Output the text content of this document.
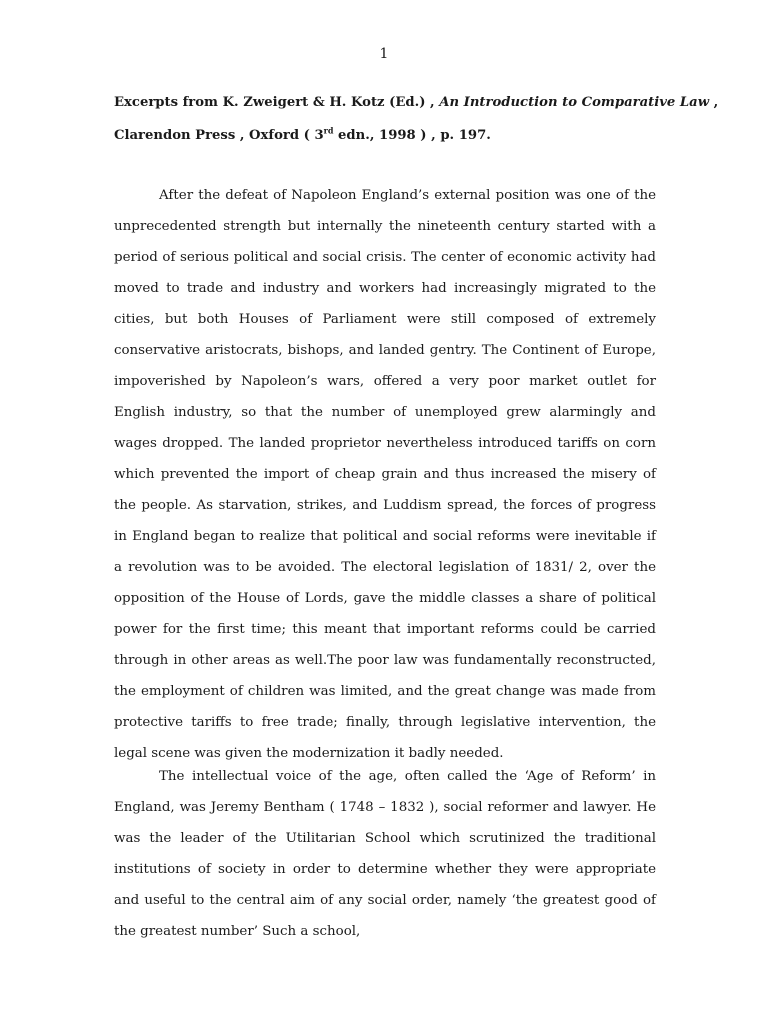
1
Excerpts from K. Zweigert & H. Kotz (Ed.) , An Introduction to Comparative Law ,
Clarendon Press , Oxford ( 3rd edn., 1998 ) , p. 197.

After the defeat of Napoleon England’s external position was one of the unprecedented strength but internally the nineteenth century started with a period of serious political and social crisis. The center of economic activity had moved to trade and industry and workers had increasingly migrated to the cities, but both Houses of Parliament were still composed of extremely conservative aristocrats, bishops, and landed gentry. The Continent of Europe, impoverished by Napoleon’s wars, offered a very poor market outlet for English industry, so that the number of unemployed grew alarmingly and wages dropped. The landed proprietor nevertheless introduced tariffs on corn which prevented the import of cheap grain and thus increased the misery of the people. As starvation, strikes, and Luddism spread, the forces of progress in England began to realize that political and social reforms were inevitable if a revolution was to be avoided. The electoral legislation of 1831/ 2, over the opposition of the House of Lords, gave the middle classes a share of political power for the first time; this meant that important reforms could be carried through in other areas as well.The poor law was fundamentally reconstructed, the employment of children was limited, and the great change was made from protective tariffs to free trade; finally, through legislative intervention, the legal scene was given the modernization it badly needed.

The intellectual voice of the age, often called the ‘Age of Reform’ in England, was Jeremy Bentham ( 1748 – 1832 ), social reformer and lawyer. He was the leader of the Utilitarian School which scrutinized the traditional institutions of society in order to determine whether they were appropriate and useful to the central aim of any social order, namely ‘the greatest good of the greatest number’ Such a school,
